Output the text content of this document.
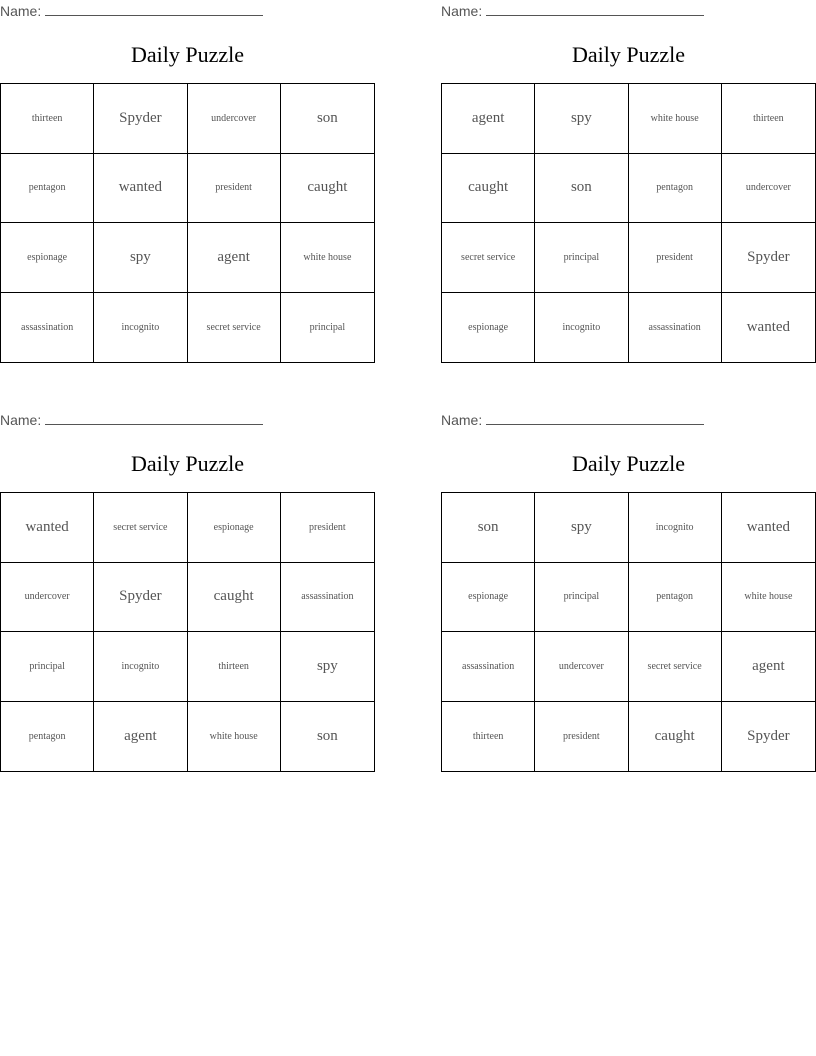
Name:
Daily Puzzle
thirteen	Spyder	undercover	son
pentagon	wanted	president	caught
espionage	spy	agent	white house
assassination	incognito	secret service	principal
Name:
Daily Puzzle
agent	spy	white house	thirteen
caught	son	pentagon	undercover
secret service	principal	president	Spyder
espionage	incognito	assassination	wanted
Name:
Daily Puzzle
wanted	secret service	espionage	president
undercover	Spyder	caught	assassination
principal	incognito	thirteen	spy
pentagon	agent	white house	son
Name:
Daily Puzzle
son	spy	incognito	wanted
espionage	principal	pentagon	white house
assassination	undercover	secret service	agent
thirteen	president	caught	Spyder
